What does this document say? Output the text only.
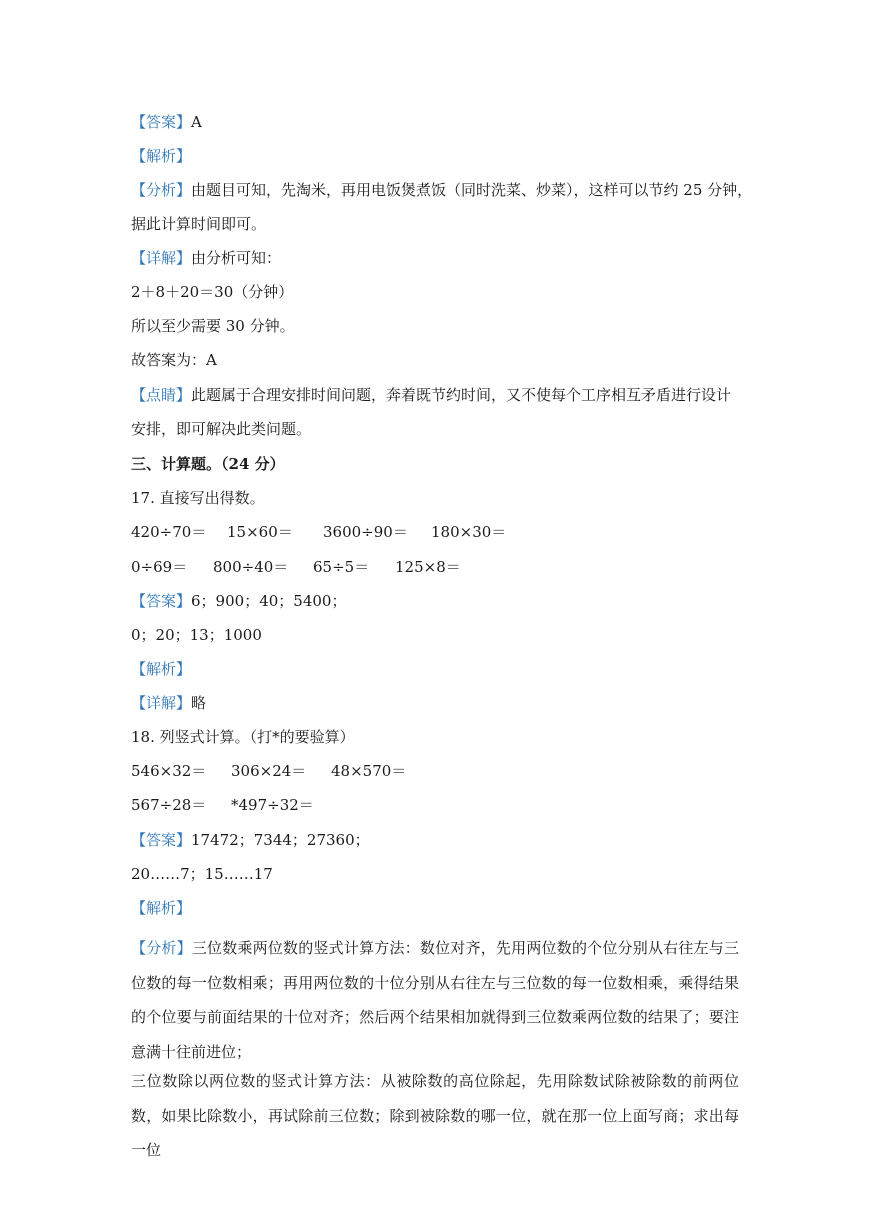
【答案】A
【解析】
【分析】由题目可知，先淘米，再用电饭煲煮饭（同时洗菜、炒菜），这样可以节约 25 分钟，
据此计算时间即可。
【详解】由分析可知：
2＋8＋20＝30（分钟）
所以至少需要 30 分钟。
故答案为：A
【点睛】此题属于合理安排时间问题，奔着既节约时间，又不使每个工序相互矛盾进行设计
安排，即可解决此类问题。
三、计算题。（24 分）
17. 直接写出得数。
420÷70＝ 15×60＝ 3600÷90＝ 180×30＝
0÷69＝ 800÷40＝ 65÷5＝ 125×8＝
【答案】6；900；40；5400；
0；20；13；1000
【解析】
【详解】略
18. 列竖式计算。（打*的要验算）
546×32＝ 306×24＝ 48×570＝
567÷28＝ *497÷32＝
【答案】17472；7344；27360；
20……7；15……17
【解析】
【分析】三位数乘两位数的竖式计算方法：数位对齐，先用两位数的个位分别从右往左与三位数的每一位数相乘；再用两位数的十位分别从右往左与三位数的每一位数相乘，乘得结果的个位要与前面结果的十位对齐；然后两个结果相加就得到三位数乘两位数的结果了；要注意满十往前进位；
三位数除以两位数的竖式计算方法：从被除数的高位除起，先用除数试除被除数的前两位数，如果比除数小，再试除前三位数；除到被除数的哪一位，就在那一位上面写商；求出每一位
